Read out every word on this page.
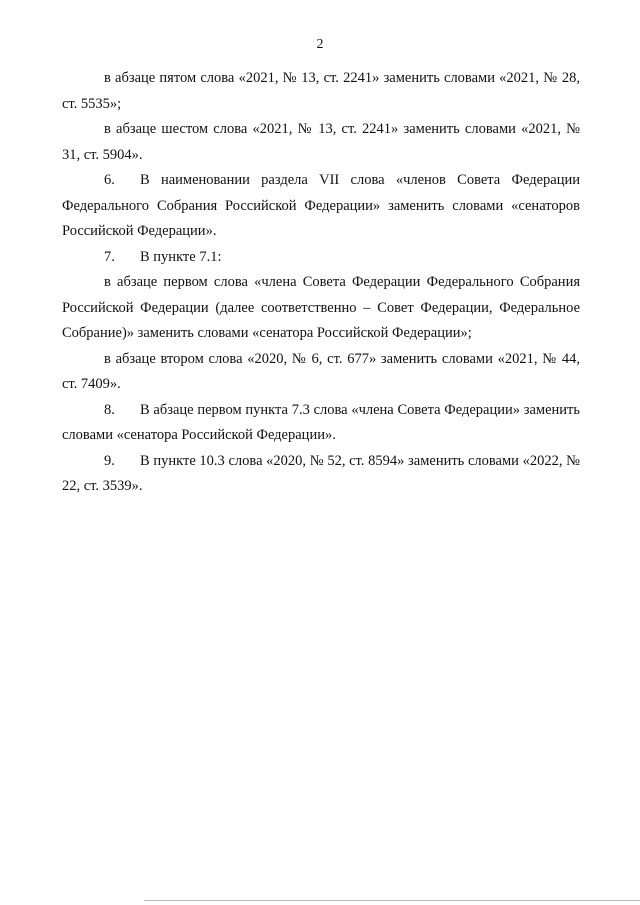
2

в абзаце пятом слова «2021, № 13, ст. 2241» заменить словами «2021, № 28, ст. 5535»;

в абзаце шестом слова «2021, № 13, ст. 2241» заменить словами «2021, № 31, ст. 5904».

6. В наименовании раздела VII слова «членов Совета Федерации Федерального Собрания Российской Федерации» заменить словами «сенаторов Российской Федерации».

7. В пункте 7.1:

в абзаце первом слова «члена Совета Федерации Федерального Собрания Российской Федерации (далее соответственно – Совет Федерации, Федеральное Собрание)» заменить словами «сенатора Российской Федерации»;

в абзаце втором слова «2020, № 6, ст. 677» заменить словами «2021, № 44, ст. 7409».

8. В абзаце первом пункта 7.3 слова «члена Совета Федерации» заменить словами «сенатора Российской Федерации».

9. В пункте 10.3 слова «2020, № 52, ст. 8594» заменить словами «2022, № 22, ст. 3539».
